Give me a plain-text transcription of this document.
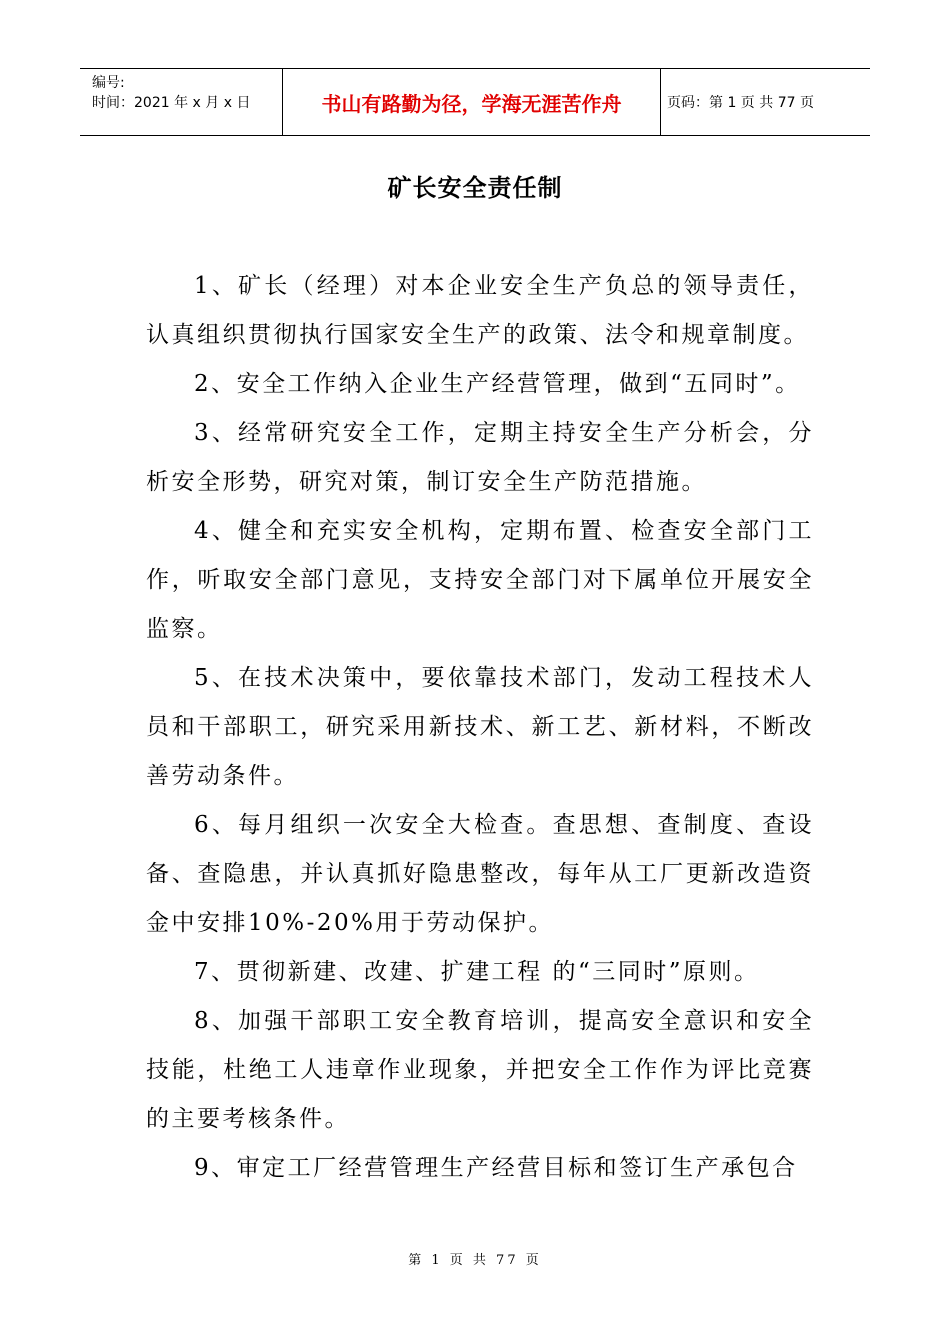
编号:
时间：2021 年 x 月 x 日	书山有路勤为径，学海无涯苦作舟	页码：第 1 页 共 77 页
矿长安全责任制

1、矿长（经理）对本企业安全生产负总的领导责任，认真组织贯彻执行国家安全生产的政策、法令和规章制度。

2、安全工作纳入企业生产经营管理，做到“五同时”。

3、经常研究安全工作，定期主持安全生产分析会，分析安全形势，研究对策，制订安全生产防范措施。

4、健全和充实安全机构，定期布置、检查安全部门工作，听取安全部门意见，支持安全部门对下属单位开展安全监察。

5、在技术决策中，要依靠技术部门，发动工程技术人员和干部职工，研究采用新技术、新工艺、新材料，不断改善劳动条件。

6、每月组织一次安全大检查。查思想、查制度、查设备、查隐患，并认真抓好隐患整改，每年从工厂更新改造资金中安排10%-20%用于劳动保护。

7、贯彻新建、改建、扩建工程 的“三同时”原则。

8、加强干部职工安全教育培训，提高安全意识和安全技能，杜绝工人违章作业现象，并把安全工作作为评比竞赛的主要考核条件。

9、审定工厂经营管理生产经营目标和签订生产承包合

第 1 页 共 77 页
